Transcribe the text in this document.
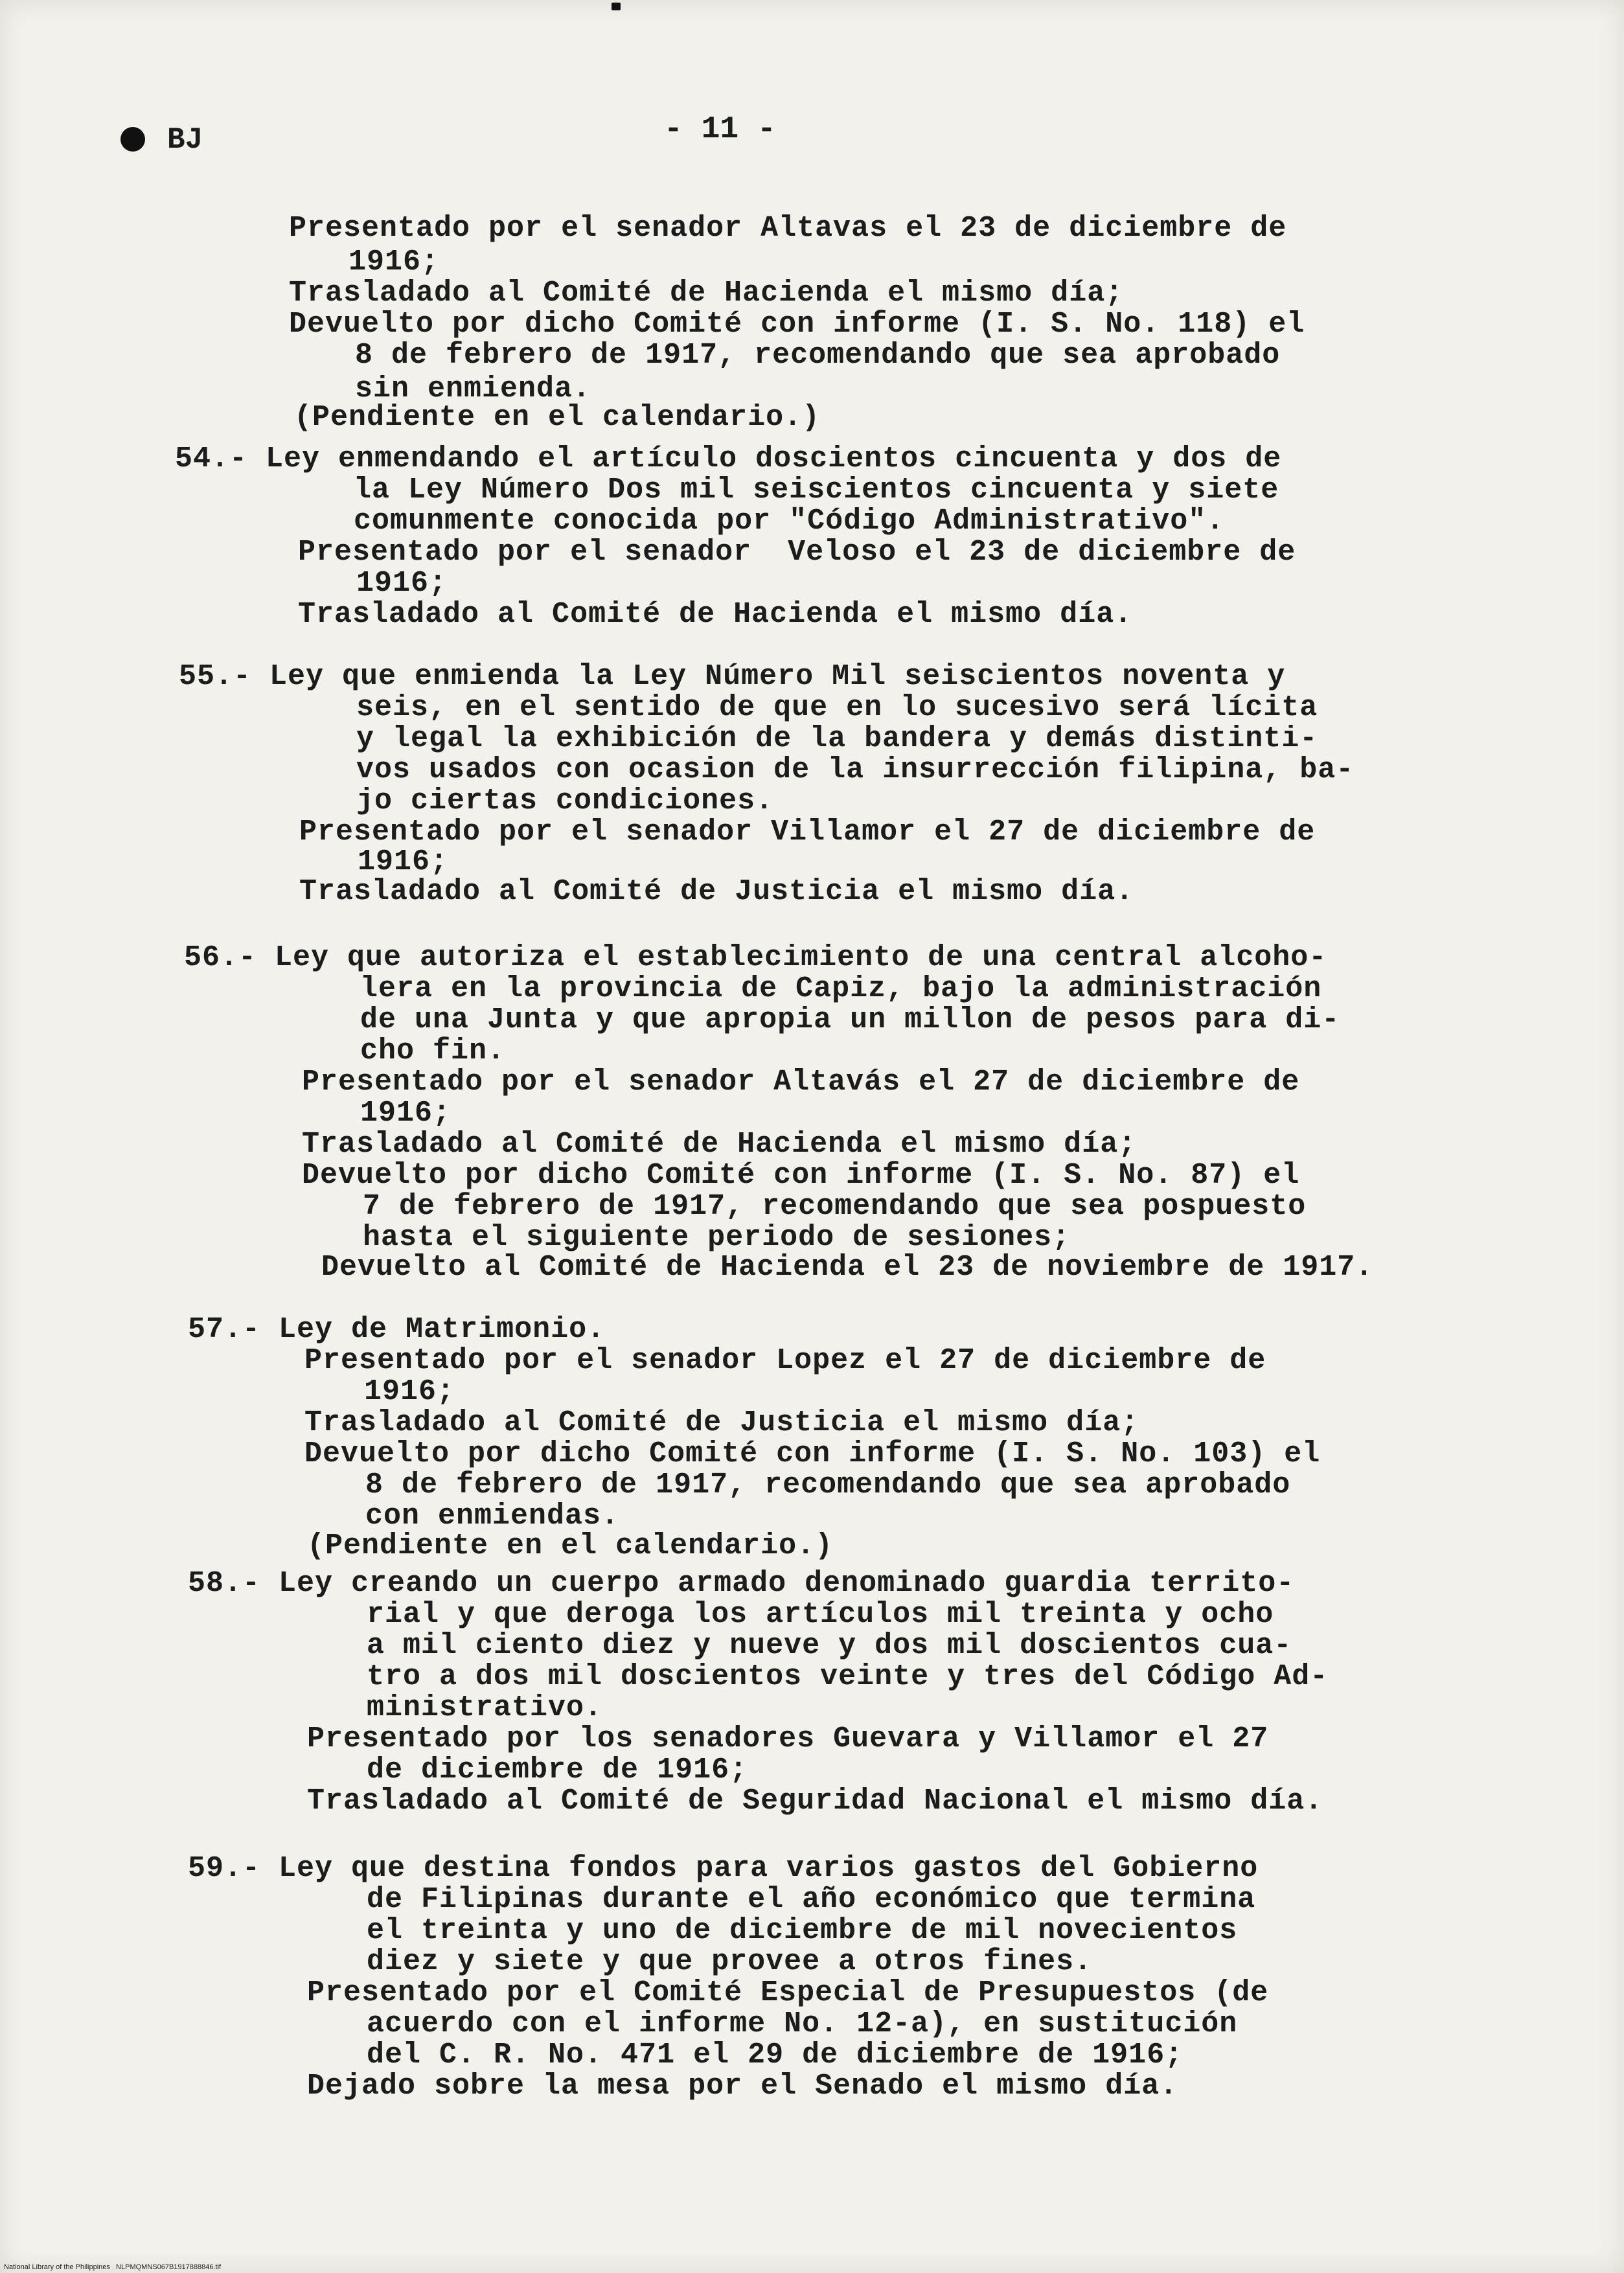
BJ	- 11 -
Presentado por el senador Altavas el 23 de diciembre de
1916;
Trasladado al Comité de Hacienda el mismo día;
Devuelto por dicho Comité con informe (I. S. No. 118) el
8 de febrero de 1917, recomendando que sea aprobado
sin enmienda.
(Pendiente en el calendario.)
54.- Ley enmendando el artículo doscientos cincuenta y dos de
la Ley Número Dos mil seiscientos cincuenta y siete
comunmente conocida por "Código Administrativo".
Presentado por el senador  Veloso el 23 de diciembre de
1916;
Trasladado al Comité de Hacienda el mismo día.
55.- Ley que enmienda la Ley Número Mil seiscientos noventa y
seis, en el sentido de que en lo sucesivo será lícita
y legal la exhibición de la bandera y demás distinti-
vos usados con ocasion de la insurrección filipina, ba-
jo ciertas condiciones.
Presentado por el senador Villamor el 27 de diciembre de
1916;
Trasladado al Comité de Justicia el mismo día.
56.- Ley que autoriza el establecimiento de una central alcoho-
lera en la provincia de Capiz, bajo la administración
de una Junta y que apropia un millon de pesos para di-
cho fin.
Presentado por el senador Altavás el 27 de diciembre de
1916;
Trasladado al Comité de Hacienda el mismo día;
Devuelto por dicho Comité con informe (I. S. No. 87) el
7 de febrero de 1917, recomendando que sea pospuesto
hasta el siguiente periodo de sesiones;
Devuelto al Comité de Hacienda el 23 de noviembre de 1917.
57.- Ley de Matrimonio.
Presentado por el senador Lopez el 27 de diciembre de
1916;
Trasladado al Comité de Justicia el mismo día;
Devuelto por dicho Comité con informe (I. S. No. 103) el
8 de febrero de 1917, recomendando que sea aprobado
con enmiendas.
(Pendiente en el calendario.)
58.- Ley creando un cuerpo armado denominado guardia territo-
rial y que deroga los artículos mil treinta y ocho
a mil ciento diez y nueve y dos mil doscientos cua-
tro a dos mil doscientos veinte y tres del Código Ad-
ministrativo.
Presentado por los senadores Guevara y Villamor el 27
de diciembre de 1916;
Trasladado al Comité de Seguridad Nacional el mismo día.
59.- Ley que destina fondos para varios gastos del Gobierno
de Filipinas durante el año económico que termina
el treinta y uno de diciembre de mil novecientos
diez y siete y que provee a otros fines.
Presentado por el Comité Especial de Presupuestos (de
acuerdo con el informe No. 12-a), en sustitución
del C. R. No. 471 el 29 de diciembre de 1916;
Dejado sobre la mesa por el Senado el mismo día.
National Library of the Philippines   NLPMQMNS067B1917888846.tif
